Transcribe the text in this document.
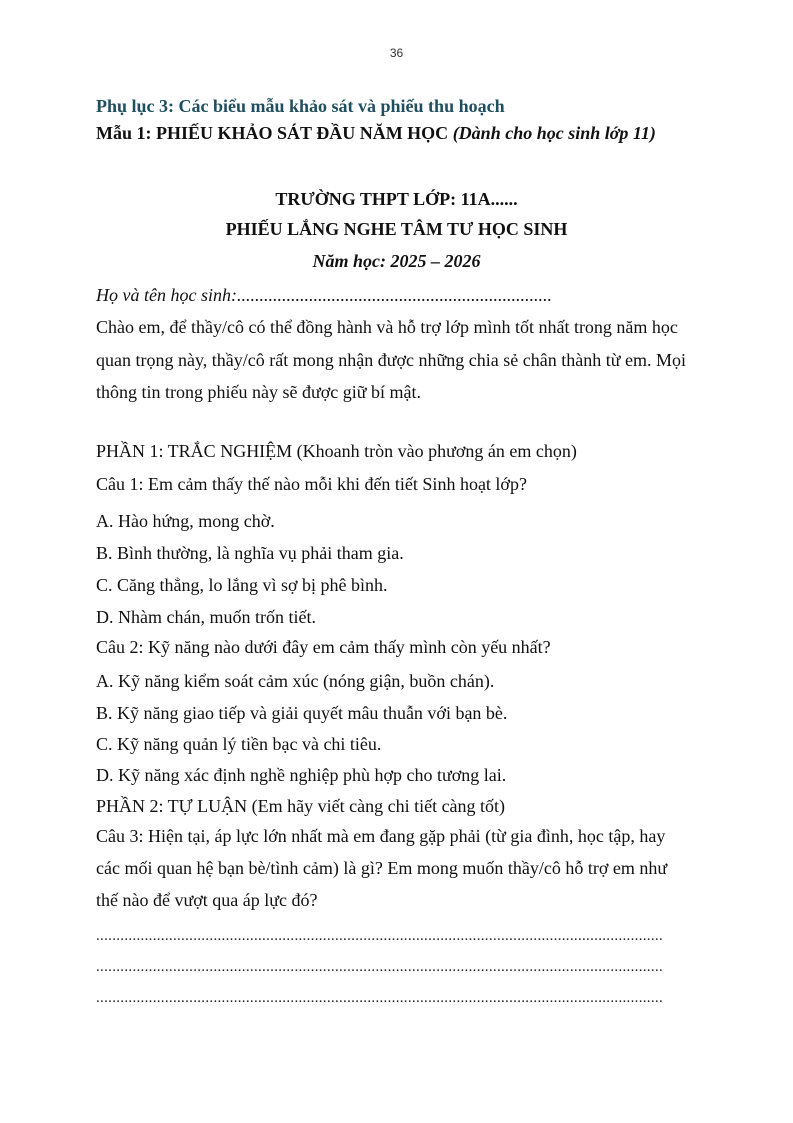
36
Phụ lục 3: Các biểu mẫu khảo sát và phiếu thu hoạch
Mẫu 1: PHIẾU KHẢO SÁT ĐẦU NĂM HỌC (Dành cho học sinh lớp 11)
TRƯỜNG THPT LỚP: 11A......
PHIẾU LẮNG NGHE TÂM TƯ HỌC SINH
Năm học: 2025 – 2026
Họ và tên học sinh:......................................................................
Chào em, để thầy/cô có thể đồng hành và hỗ trợ lớp mình tốt nhất trong năm học quan trọng này, thầy/cô rất mong nhận được những chia sẻ chân thành từ em. Mọi thông tin trong phiếu này sẽ được giữ bí mật.
PHẦN 1: TRẮC NGHIỆM (Khoanh tròn vào phương án em chọn)
Câu 1: Em cảm thấy thế nào mỗi khi đến tiết Sinh hoạt lớp?
A. Hào hứng, mong chờ.
B. Bình thường, là nghĩa vụ phải tham gia.
C. Căng thẳng, lo lắng vì sợ bị phê bình.
D. Nhàm chán, muốn trốn tiết.
Câu 2: Kỹ năng nào dưới đây em cảm thấy mình còn yếu nhất?
A. Kỹ năng kiểm soát cảm xúc (nóng giận, buồn chán).
B. Kỹ năng giao tiếp và giải quyết mâu thuẫn với bạn bè.
C. Kỹ năng quản lý tiền bạc và chi tiêu.
D. Kỹ năng xác định nghề nghiệp phù hợp cho tương lai.
PHẦN 2: TỰ LUẬN (Em hãy viết càng chi tiết càng tốt)
Câu 3: Hiện tại, áp lực lớn nhất mà em đang gặp phải (từ gia đình, học tập, hay
các mối quan hệ bạn bè/tình cảm) là gì? Em mong muốn thầy/cô hỗ trợ em như
thế nào để vượt qua áp lực đó?
............................................................................................................................................
............................................................................................................................................
............................................................................................................................................
